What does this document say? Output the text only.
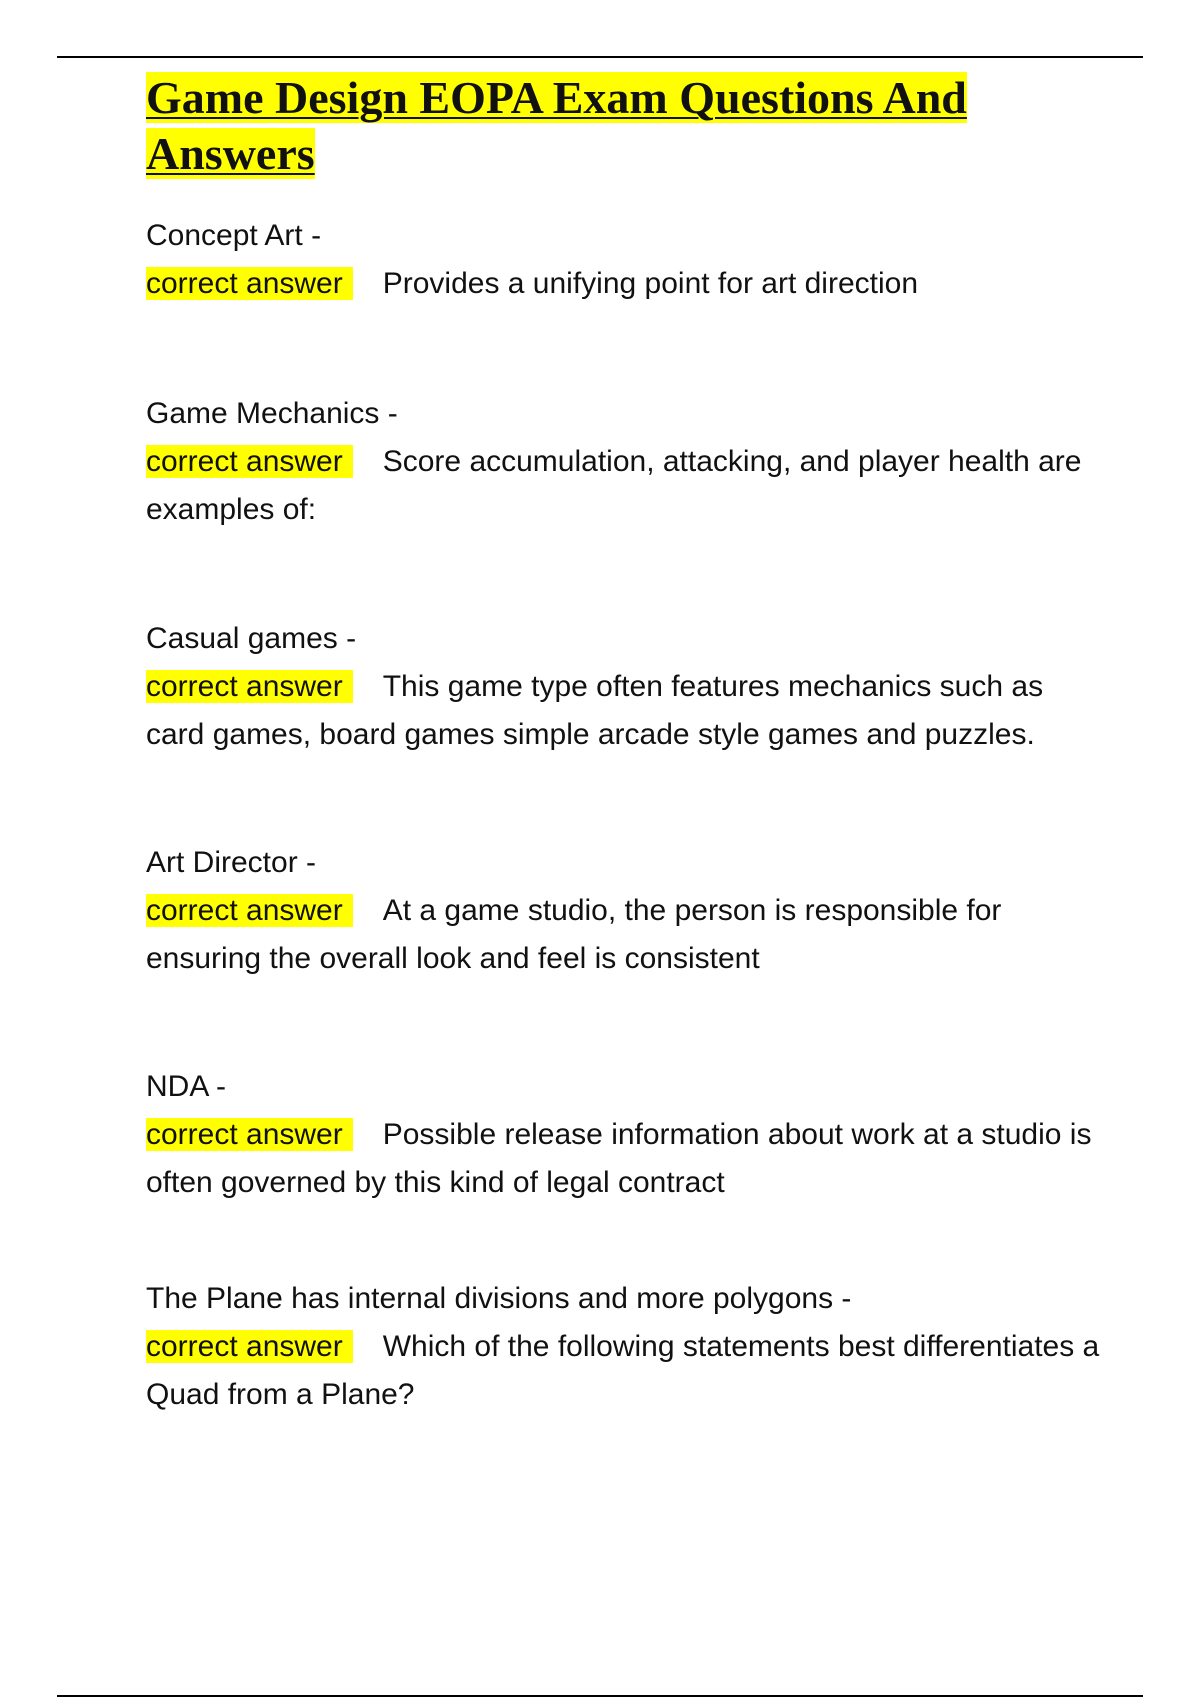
Game Design EOPA Exam Questions And Answers
Concept Art -
correct answer Provides a unifying point for art direction
Game Mechanics -
correct answer Score accumulation, attacking, and player health are examples of:
Casual games -
correct answer This game type often features mechanics such as card games, board games simple arcade style games and puzzles.
Art Director -
correct answer At a game studio, the person is responsible for ensuring the overall look and feel is consistent
NDA -
correct answer Possible release information about work at a studio is often governed by this kind of legal contract
The Plane has internal divisions and more polygons -
correct answer Which of the following statements best differentiates a Quad from a Plane?
